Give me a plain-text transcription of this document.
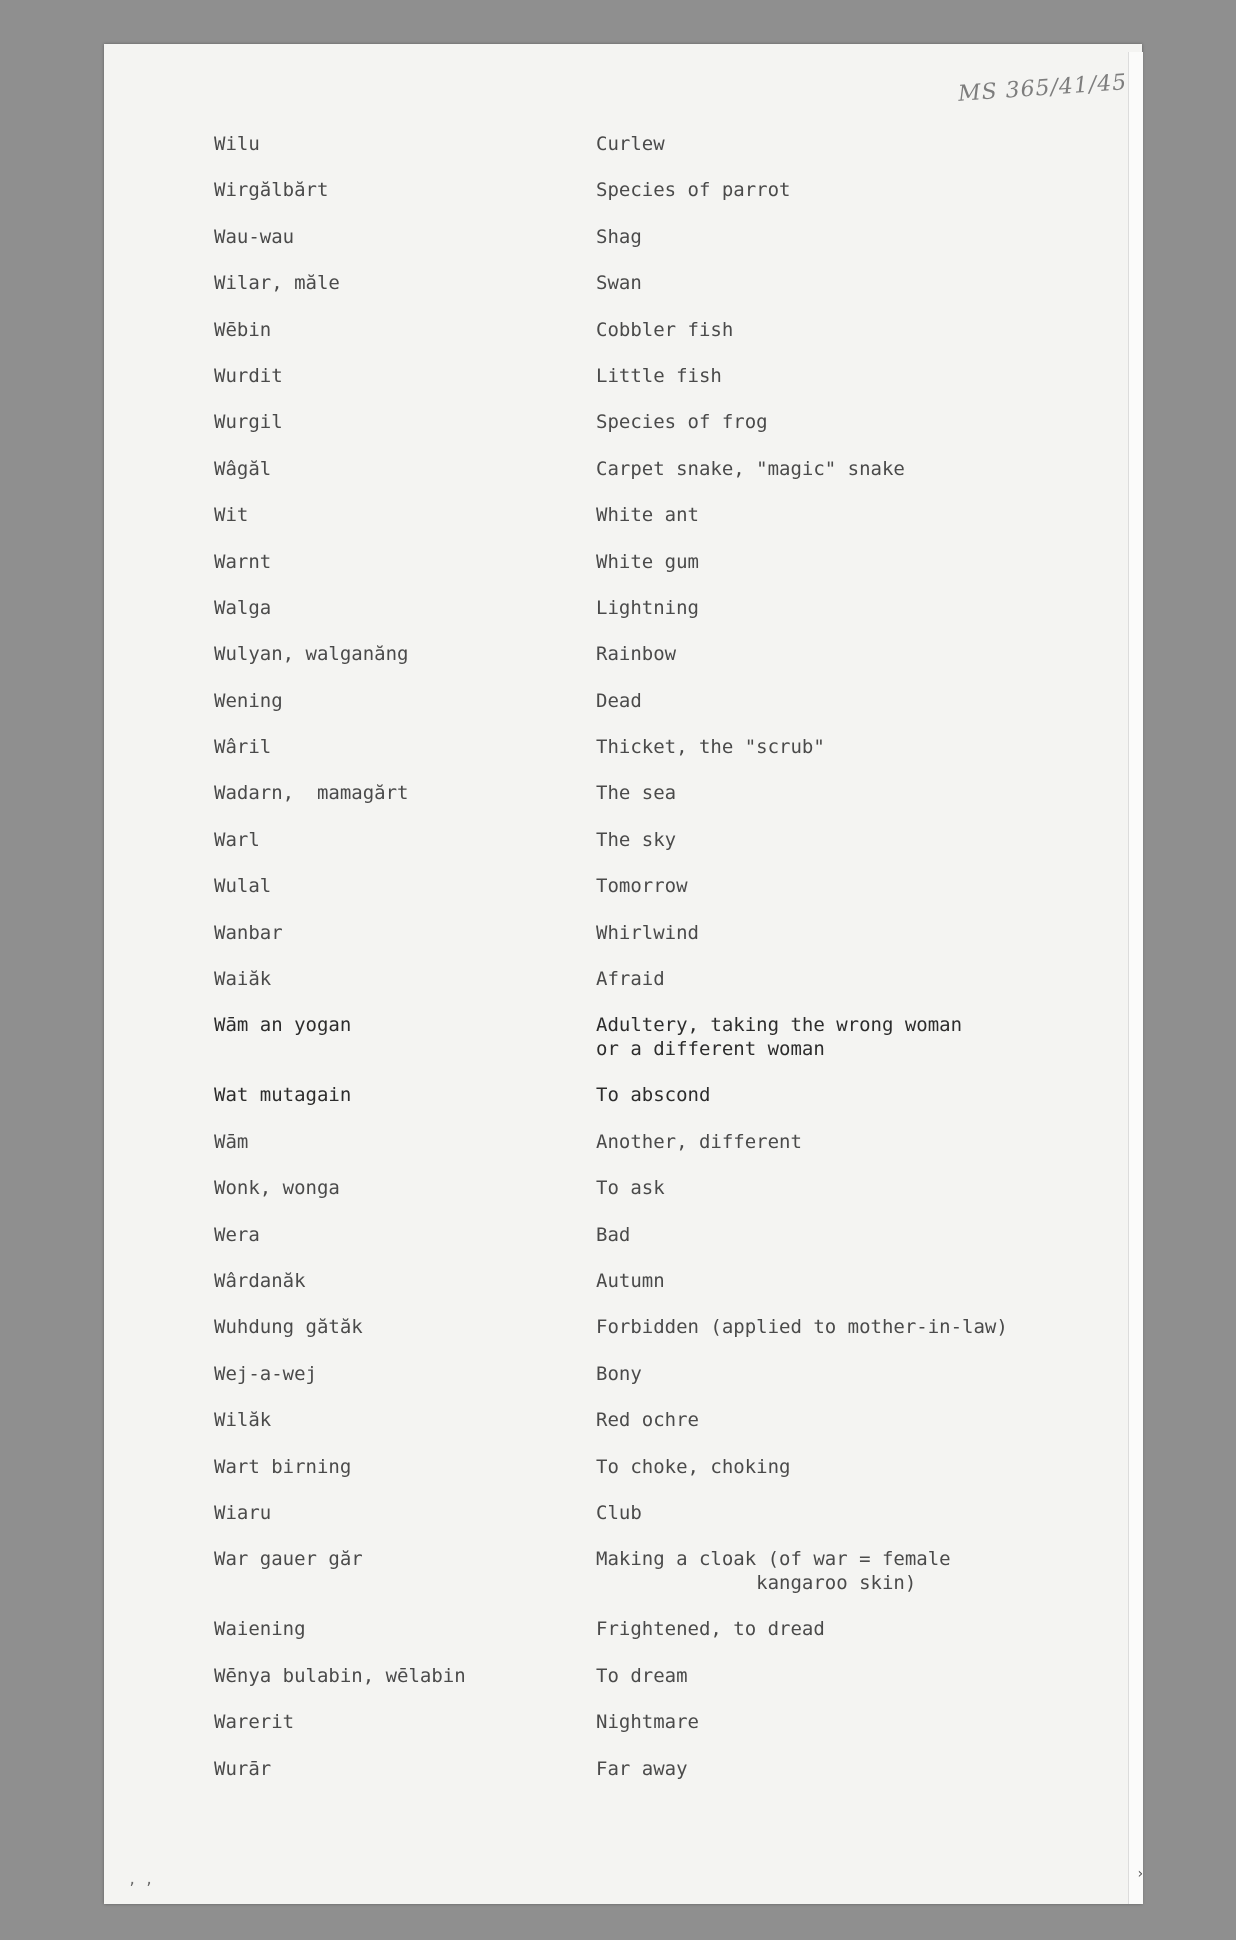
MS 365/41/45
Wilu	Curlew
Wirgălbărt	Species of parrot
Wau-wau	Shag
Wilar, măle	Swan
Wēbin	Cobbler fish
Wurdit	Little fish
Wurgil	Species of frog
Wâgăl	Carpet snake, "magic" snake
Wit	White ant
Warnt	White gum
Walga	Lightning
Wulyan, walganăng	Rainbow
Wening	Dead
Wâril	Thicket, the "scrub"
Wadarn,  mamagărt	The sea
Warl	The sky
Wulal	Tomorrow
Wanbar	Whirlwind
Waiăk	Afraid
Wām an yogan	Adultery, taking the wrong woman
or a different woman
Wat mutagain	To abscond
Wām	Another, different
Wonk, wonga	To ask
Wera	Bad
Wârdanăk	Autumn
Wuhdung gătăk	Forbidden (applied to mother-in-law)
Wej-a-wej	Bony
Wilăk	Red ochre
Wart birning	To choke, choking
Wiaru	Club
War gauer găr	Making a cloak (of war = female
kangaroo skin)
Waiening	Frightened, to dread
Wēnya bulabin, wēlabin	To dream
Warerit	Nightmare
Wurār	Far away
, ,	›
